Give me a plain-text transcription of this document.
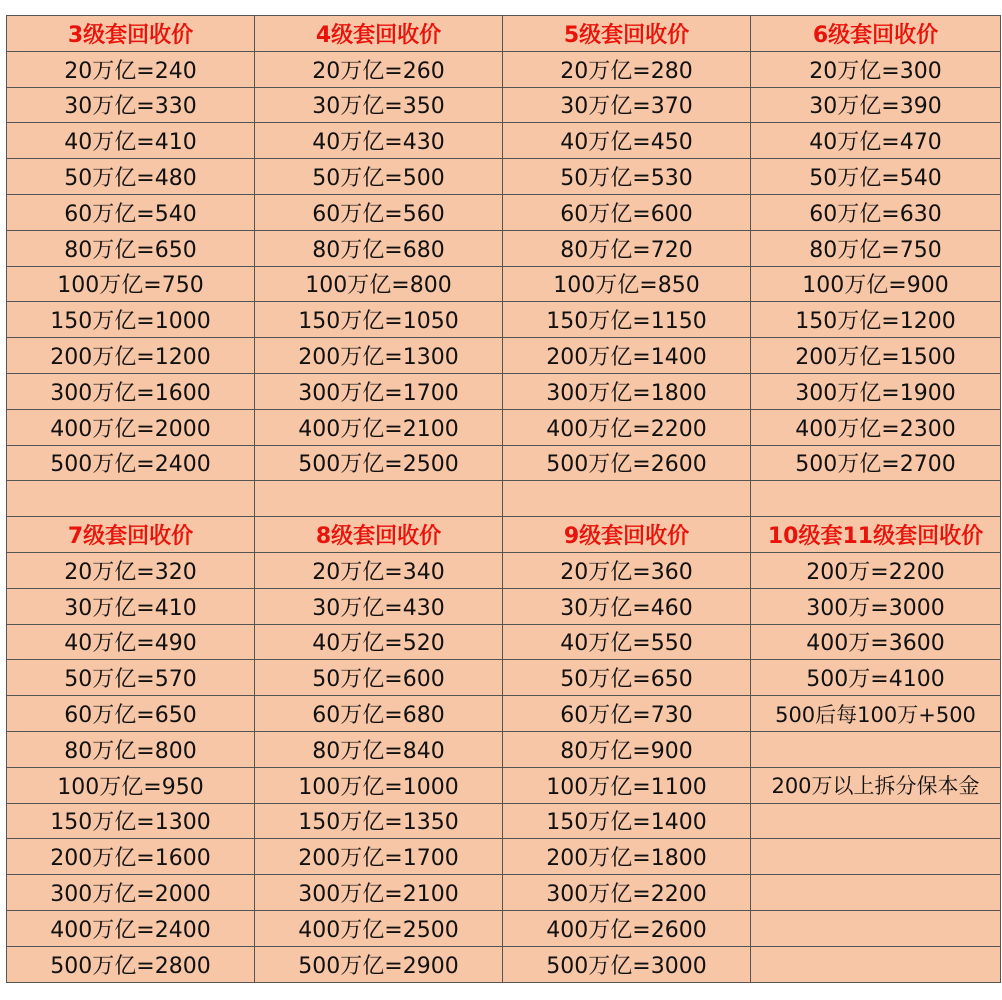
3级套回收价	4级套回收价	5级套回收价	6级套回收价
20万亿=240	20万亿=260	20万亿=280	20万亿=300
30万亿=330	30万亿=350	30万亿=370	30万亿=390
40万亿=410	40万亿=430	40万亿=450	40万亿=470
50万亿=480	50万亿=500	50万亿=530	50万亿=540
60万亿=540	60万亿=560	60万亿=600	60万亿=630
80万亿=650	80万亿=680	80万亿=720	80万亿=750
100万亿=750	100万亿=800	100万亿=850	100万亿=900
150万亿=1000	150万亿=1050	150万亿=1150	150万亿=1200
200万亿=1200	200万亿=1300	200万亿=1400	200万亿=1500
300万亿=1600	300万亿=1700	300万亿=1800	300万亿=1900
400万亿=2000	400万亿=2100	400万亿=2200	400万亿=2300
500万亿=2400	500万亿=2500	500万亿=2600	500万亿=2700

7级套回收价	8级套回收价	9级套回收价	10级套11级套回收价
20万亿=320	20万亿=340	20万亿=360	200万=2200
30万亿=410	30万亿=430	30万亿=460	300万=3000
40万亿=490	40万亿=520	40万亿=550	400万=3600
50万亿=570	50万亿=600	50万亿=650	500万=4100
60万亿=650	60万亿=680	60万亿=730	500后每100万+500
80万亿=800	80万亿=840	80万亿=900	
100万亿=950	100万亿=1000	100万亿=1100	200万以上拆分保本金
150万亿=1300	150万亿=1350	150万亿=1400	
200万亿=1600	200万亿=1700	200万亿=1800	
300万亿=2000	300万亿=2100	300万亿=2200	
400万亿=2400	400万亿=2500	400万亿=2600	
500万亿=2800	500万亿=2900	500万亿=3000	
